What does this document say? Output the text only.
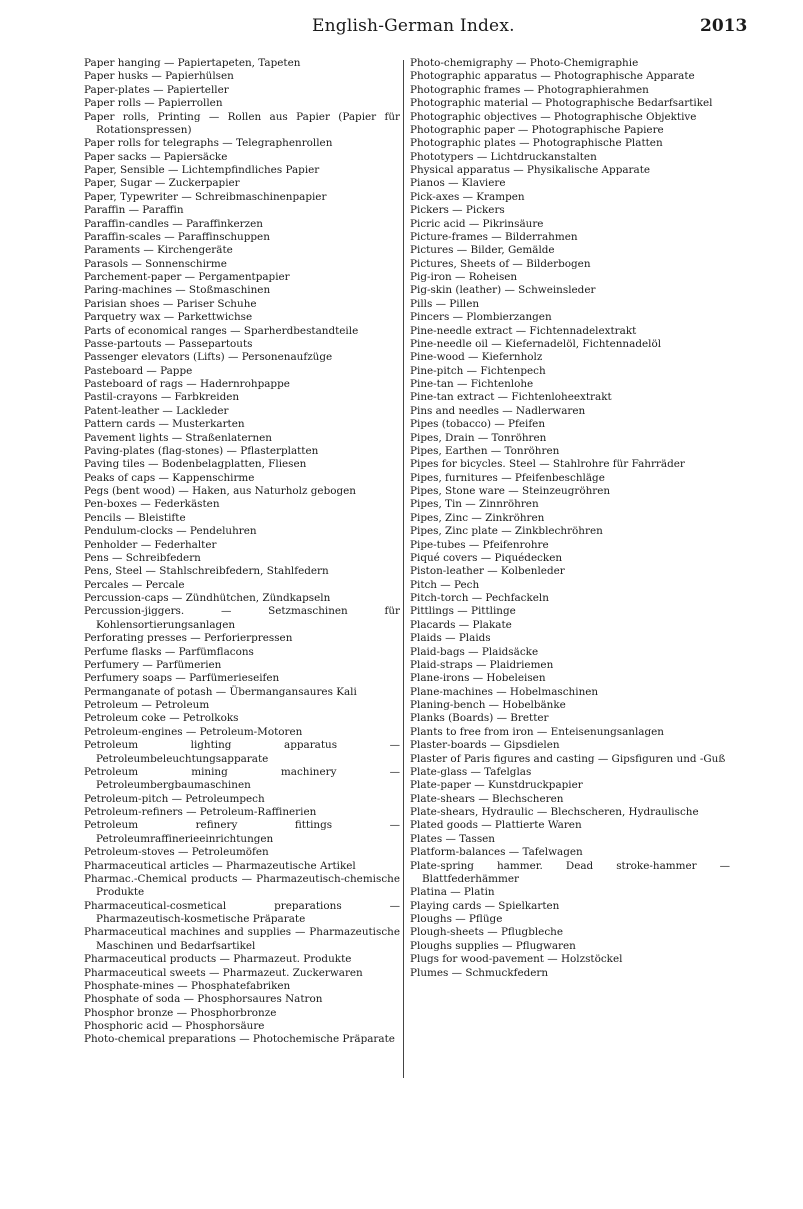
English-German Index.	2013

Paper hanging — Papiertapeten, Tapeten

Paper husks — Papierhülsen

Paper-plates — Papierteller

Paper rolls — Papierrollen

Paper rolls, Printing — Rollen aus Papier (Papier für Rotationspressen)

Paper rolls for telegraphs — Telegraphenrollen

Paper sacks — Papiersäcke

Paper, Sensible — Lichtempfindliches Papier

Paper, Sugar — Zuckerpapier

Paper, Typewriter — Schreibmaschinenpapier

Paraffin — Paraffin

Paraffin-candles — Paraffinkerzen

Paraffin-scales — Paraffinschuppen

Paraments — Kirchengeräte

Parasols — Sonnenschirme

Parchement-paper — Pergamentpapier

Paring-machines — Stoßmaschinen

Parisian shoes — Pariser Schuhe

Parquetry wax — Parkettwichse

Parts of economical ranges — Sparherdbestandteile

Passe-partouts — Passepartouts

Passenger elevators (Lifts) — Personenaufzüge

Pasteboard — Pappe

Pasteboard of rags — Hadernrohpappe

Pastil-crayons — Farbkreiden

Patent-leather — Lackleder

Pattern cards — Musterkarten

Pavement lights — Straßenlaternen

Paving-plates (flag-stones) — Pflasterplatten

Paving tiles — Bodenbelagplatten, Fliesen

Peaks of caps — Kappenschirme

Pegs (bent wood) — Haken, aus Naturholz gebogen

Pen-boxes — Federkästen

Pencils — Bleistifte

Pendulum-clocks — Pendeluhren

Penholder — Federhalter

Pens — Schreibfedern

Pens, Steel — Stahlschreibfedern, Stahlfedern

Percales — Percale

Percussion-caps — Zündhütchen, Zündkapseln

Percussion-jiggers. — Setzmaschinen für Kohlensortierungsanlagen

Perforating presses — Perforierpressen

Perfume flasks — Parfümflacons

Perfumery — Parfümerien

Perfumery soaps — Parfümerieseifen

Permanganate of potash — Übermangansaures Kali

Petroleum — Petroleum

Petroleum coke — Petrolkoks

Petroleum-engines — Petroleum-Motoren

Petroleum lighting apparatus — Petroleumbeleuchtungsapparate

Petroleum mining machinery — Petroleumbergbaumaschinen

Petroleum-pitch — Petroleumpech

Petroleum-refiners — Petroleum-Raffinerien

Petroleum refinery fittings — Petroleumraffinerieeinrichtungen

Petroleum-stoves — Petroleumöfen

Pharmaceutical articles — Pharmazeutische Artikel

Pharmac.-Chemical products — Pharmazeutisch-chemische Produkte

Pharmaceutical-cosmetical preparations — Pharmazeutisch-kosmetische Präparate

Pharmaceutical machines and supplies — Pharmazeutische Maschinen und Bedarfsartikel

Pharmaceutical products — Pharmazeut. Produkte

Pharmaceutical sweets — Pharmazeut. Zuckerwaren

Phosphate-mines — Phosphatefabriken

Phosphate of soda — Phosphorsaures Natron

Phosphor bronze — Phosphorbronze

Phosphoric acid — Phosphorsäure

Photo-chemical preparations — Photochemische Präparate

Photo-chemigraphy — Photo-Chemigraphie

Photographic apparatus — Photographische Apparate

Photographic frames — Photographierahmen

Photographic material — Photographische Bedarfsartikel

Photographic objectives — Photographische Objektive

Photographic paper — Photographische Papiere

Photographic plates — Photographische Platten

Phototypers — Lichtdruckanstalten

Physical apparatus — Physikalische Apparate

Pianos — Klaviere

Pick-axes — Krampen

Pickers — Pickers

Picric acid — Pikrinsäure

Picture-frames — Bilderrahmen

Pictures — Bilder, Gemälde

Pictures, Sheets of — Bilderbogen

Pig-iron — Roheisen

Pig-skin (leather) — Schweinsleder

Pills — Pillen

Pincers — Plombierzangen

Pine-needle extract — Fichtennadelextrakt

Pine-needle oil — Kiefernadelöl, Fichtennadelöl

Pine-wood — Kiefernholz

Pine-pitch — Fichtenpech

Pine-tan — Fichtenlohe

Pine-tan extract — Fichtenloheextrakt

Pins and needles — Nadlerwaren

Pipes (tobacco) — Pfeifen

Pipes, Drain — Tonröhren

Pipes, Earthen — Tonröhren

Pipes for bicycles. Steel — Stahlrohre für Fahrräder

Pipes, furnitures — Pfeifenbeschläge

Pipes, Stone ware — Steinzeugröhren

Pipes, Tin — Zinnröhren

Pipes, Zinc — Zinkröhren

Pipes, Zinc plate — Zinkblechröhren

Pipe-tubes — Pfeifenrohre

Piqué covers — Piquédecken

Piston-leather — Kolbenleder

Pitch — Pech

Pitch-torch — Pechfackeln

Pittlings — Pittlinge

Placards — Plakate

Plaids — Plaids

Plaid-bags — Plaidsäcke

Plaid-straps — Plaidriemen

Plane-irons — Hobeleisen

Plane-machines — Hobelmaschinen

Planing-bench — Hobelbänke

Planks (Boards) — Bretter

Plants to free from iron — Enteisenungsanlagen

Plaster-boards — Gipsdielen

Plaster of Paris figures and casting — Gipsfiguren und -Guß

Plate-glass — Tafelglas

Plate-paper — Kunstdruckpapier

Plate-shears — Blechscheren

Plate-shears, Hydraulic — Blechscheren, Hydraulische

Plated goods — Plattierte Waren

Plates — Tassen

Platform-balances — Tafelwagen

Plate-spring hammer. Dead stroke-hammer — Blattfederhämmer

Platina — Platin

Playing cards — Spielkarten

Ploughs — Pflüge

Plough-sheets — Pflugbleche

Ploughs supplies — Pflugwaren

Plugs for wood-pavement — Holzstöckel

Plumes — Schmuckfedern
